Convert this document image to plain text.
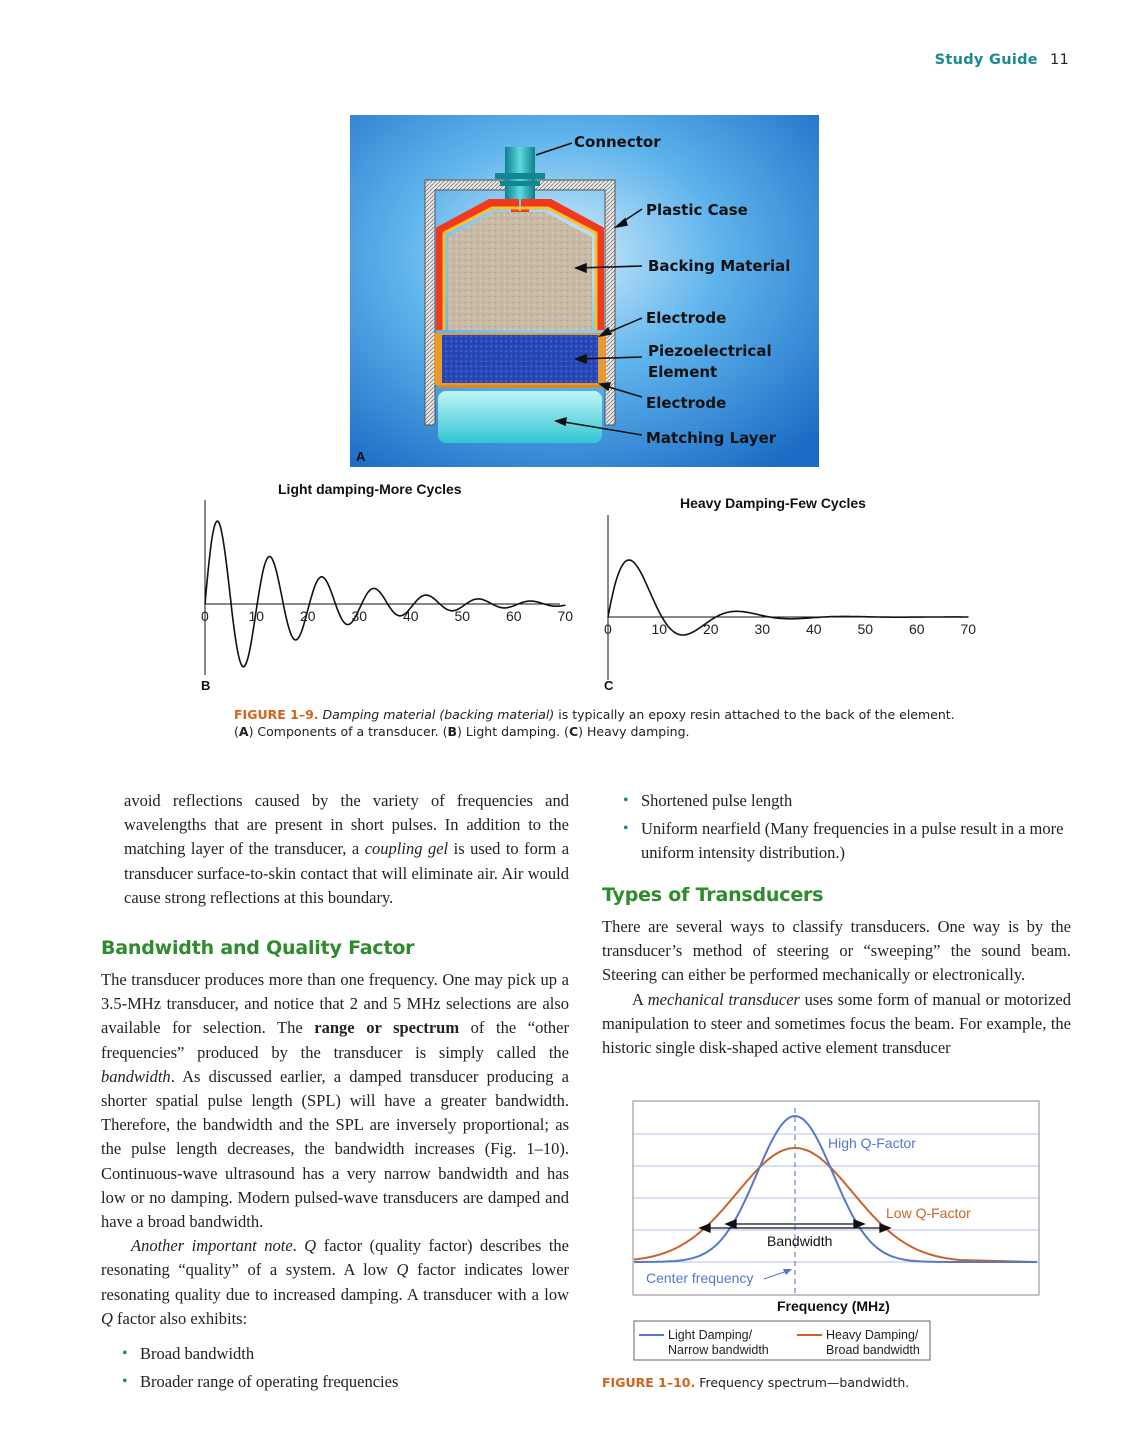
Study Guide 11
Connector
Plastic Case
Backing Material
Electrode
Piezoelectrical
Element
Electrode
Matching Layer
A
Light damping-More Cycles
0	10	20	30	40	50	60	70
B
Heavy Damping-Few Cycles
0	10	20	30	40	50	60	70
C
FIGURE 1–9. Damping material (backing material) is typically an epoxy resin attached to the back of the element.
(A) Components of a transducer. (B) Light damping. (C) Heavy damping.

avoid reflections caused by the variety of frequencies and wavelengths that are present in short pulses. In addition to the matching layer of the transducer, a coupling gel is used to form a transducer surface-to-skin contact that will eliminate air. Air would cause strong reflections at this boundary.

Bandwidth and Quality Factor

The transducer produces more than one frequency. One may pick up a 3.5-MHz transducer, and notice that 2 and 5 MHz selections are also available for selection. The range or spectrum of the “other frequencies” produced by the transducer is simply called the bandwidth. As discussed earlier, a damped transducer producing a shorter spatial pulse length (SPL) will have a greater bandwidth. Therefore, the bandwidth and the SPL are inversely proportional; as the pulse length decreases, the bandwidth increases (Fig. 1–10). Continuous-wave ultrasound has a very narrow bandwidth and has low or no damping. Modern pulsed-wave transducers are damped and have a broad bandwidth.

Another important note. Q factor (quality factor) describes the resonating “quality” of a system. A low Q factor indicates lower resonating quality due to increased damping. A transducer with a low Q factor also exhibits:

• Broad bandwidth
• Broader range of operating frequencies
• Shortened pulse length
• Uniform nearfield (Many frequencies in a pulse result in a more uniform intensity distribution.)
Types of Transducers

There are several ways to classify transducers. One way is by the transducer’s method of steering or “sweeping” the sound beam. Steering can either be performed mechanically or electronically.

A mechanical transducer uses some form of manual or motorized manipulation to steer and sometimes focus the beam. For example, the historic single disk-shaped active element transducer

Bandwidth
High Q-Factor
Low Q-Factor
Center frequency
Frequency (MHz)
Light Damping/
Narrow bandwidth
Heavy Damping/
Broad bandwidth
FIGURE 1–10. Frequency spectrum—bandwidth.
